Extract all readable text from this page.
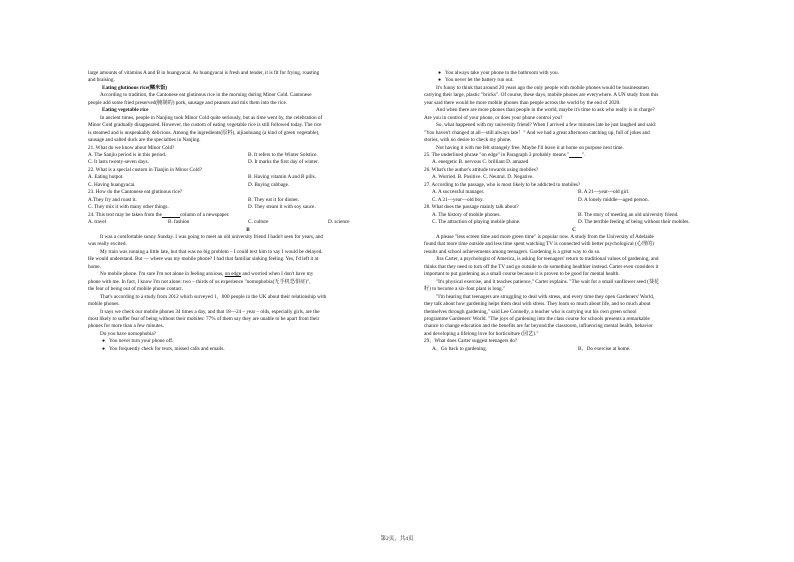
large amounts of vitamins A and B in huangyacai. As huangyacai is fresh and tender, it is fit for frying, roasting

and braising.

Eating glutinous rice(糯米饭)

According to tradition, the Cantonese eat glutinous rice in the morning during Minor Cold. Cantonese

people add some fried preserved(腌制的) pork, sausage and peanuts and mix them into the rice.

Eating vegetable rice

In ancient times, people in Nanjing took Minor Cold quite seriously, but as time went by, the celebration of

Minor Cold gradually disappeared. However, the custom of eating vegetable rice is still followed today. The rice

is steamed and is unspeakably delicious. Among the ingredients(原料), aijiaohuang (a kind of green vegetable),

sausage and salted duck are the specialties in Nanjing.

21. What do we know about Minor Cold?

A. The Sanjiu period is in this period.	B. It refers to the Winter Solstice.

C. It lasts twenty-seven days.	D. It marks the first day of winter.

22. What is a special custom in Tianjin in Minor Cold?

A. Eating hotpot.	B. Having vitamin A and B pills.

C. Having huangyacai.	D. Buying cabbage.

23. How do the Cantonese eat glutinous rice?

A.They fry and roast it.	B. They eat it for dinner.

C. They mix it with many other things.	D. They steam it with soy sauce.

24. This text may be taken from the	column of a newspaper.

A. travel	B. fashion	C. culture	D. science

B

It was a comfortable sunny Sunday. I was going to meet an old university friend I hadn't seen for years, and

was really excited.

My train was running a little late, but that was no big problem – I could text him to say I would be delayed.

He would understand. But — where was my mobile phone? I had that familiar sinking feeling. Yes, I'd left it at

home.

No mobile phone. I'm sure I'm not alone in feeling anxious, on edge and worried when I don't have my

phone with me. In fact, I know I'm not alone: two – thirds of us experience "nomophobia(无手机恐惧症)",

the fear of being out of mobile phone contact.

That's according to a study from 2012 which surveyed 1，000 people in the UK about their relationship with

mobile phones.

It says we check our mobile phones 34 times a day, and that 18—24 – year – olds, especially girls, are the

most likely to suffer fear of being without their mobiles: 77% of them say they are unable to be apart from their

phones for more than a few minutes.

Do you have nomophobia?

● You never turn your phone off.

● You frequently check for texts, missed calls and emails.

● You always take your phone to the bathroom with you.

● You never let the battery run out.

It's funny to think that around 20 years ago the only people with mobile phones would be businessmen

carrying their large, plastic "bricks". Of course, these days, mobile phones are everywhere. A UN study from this

year said there would be more mobile phones than people across the world by the end of 2020.

And when there are more phones than people in the world, maybe it's time to ask who really is in charge?

Are you in control of your phone, or does your phone control you?

So, what happened with my university friend? When I arrived a few minutes late he just laughed and said:

"You haven't changed at all—still always late！" And we had a great afternoon catching up, full of jokes and

stories, with no desire to check my phone.

Not having it with me felt strangely free. Maybe I'll leave it at home on purpose next time.

25. The underlined phrase "on edge" in Paragraph 3 probably means " ".

A. energetic B. nervous C. brilliant D. amazed

26. What's the author's attitude towards using mobiles?

A. Worried. B. Positive. C. Neutral. D. Negative.

27. According to the passage, who is most likely to be addicted to mobiles?

A. A successful manager.	B. A 21—year—old girl.

C. A 21—year—old boy.	D. A lonely middle—aged person.

28. What does the passage mainly talk about?

A. The history of mobile phones.	B. The story of meeting an old university friend.

C. The attraction of playing mobile phone.	D. The terrible feeling of being without their mobiles.

C

A please "less screen time and more green time" is popular now. A study from the University of Adelaide

found that more time outside and less time spent watching TV is connected with better psychological (心理的)

results and school achievements among teenagers. Gardening is a great way to do so.

Jira Carter, a psychologist of America, is asking for teenagers' return to traditional values of gardening, and

thinks that they need to turn off the TV and go outside to do something healthier instead. Carter even considers it

important to put gardening as a small course because it is proven to be good for mental health.

"It's physical exercise, and it teaches patience," Carter explains. "The wait for a small sunflower seed (葵花

籽) to become a six-foot plant is long."

"I'm hearing that teenagers are struggling to deal with stress, and every time they open Gardeners' World,

they talk about how gardening helps them deal with stress. They learn so much about life, and so much about

themselves through gardening," said Lee Connelly, a teacher who is carrying out his own green school

programme Gardeners' World. "The joys of gardening into the class course for schools presents a remarkable

chance to change education and the benefits are far beyond the classroom, influencing mental health, behavior

and developing a lifelong love for horticulture (园艺)."

29、What does Carter suggest teenagers do?

A、Go back to gardening.	B、Do exercise at home.

第2页，共4页
